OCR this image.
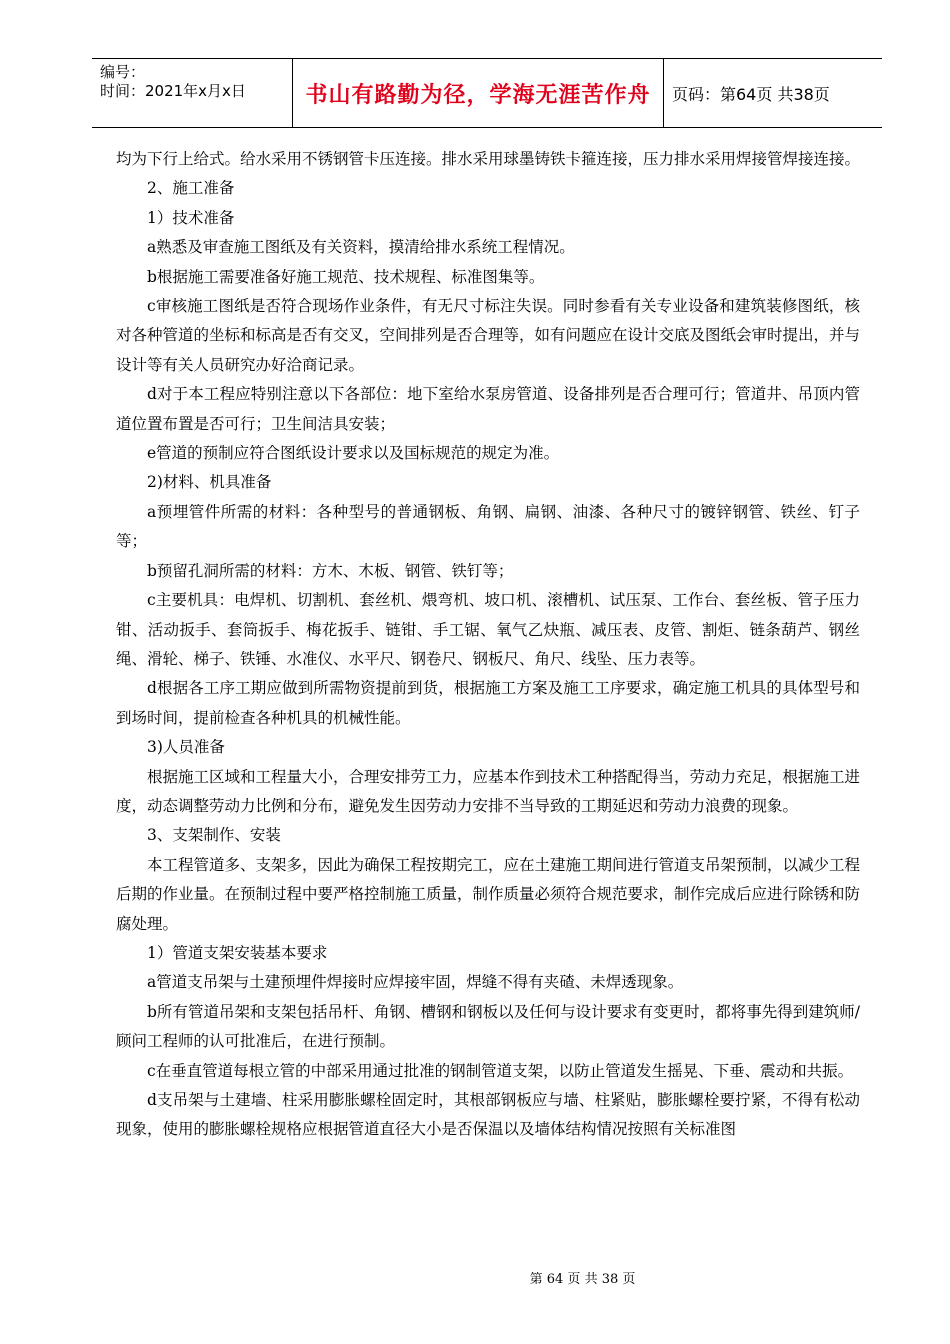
编号：
时间：2021年x月x日	书山有路勤为径，学海无涯苦作舟 页码：第64页 共38页

均为下行上给式。给水采用不锈钢管卡压连接。排水采用球墨铸铁卡箍连接，压力排水采用焊接管焊接连接。

2、施工准备

1）技术准备

a熟悉及审查施工图纸及有关资料，摸清给排水系统工程情况。

b根据施工需要准备好施工规范、技术规程、标准图集等。

c审核施工图纸是否符合现场作业条件，有无尺寸标注失误。同时参看有关专业设备和建筑装修图纸，核对各种管道的坐标和标高是否有交叉，空间排列是否合理等，如有问题应在设计交底及图纸会审时提出，并与设计等有关人员研究办好洽商记录。

d对于本工程应特别注意以下各部位：地下室给水泵房管道、设备排列是否合理可行；管道井、吊顶内管道位置布置是否可行；卫生间洁具安装；

e管道的预制应符合图纸设计要求以及国标规范的规定为准。

2)材料、机具准备

a预埋管件所需的材料：各种型号的普通钢板、角钢、扁钢、油漆、各种尺寸的镀锌钢管、铁丝、钉子等；

b预留孔洞所需的材料：方木、木板、钢管、铁钉等；

c主要机具：电焊机、切割机、套丝机、煨弯机、坡口机、滚槽机、试压泵、工作台、套丝板、管子压力钳、活动扳手、套筒扳手、梅花扳手、链钳、手工锯、氧气乙炔瓶、减压表、皮管、割炬、链条葫芦、钢丝绳、滑轮、梯子、铁锤、水准仪、水平尺、钢卷尺、钢板尺、角尺、线坠、压力表等。

d根据各工序工期应做到所需物资提前到货，根据施工方案及施工工序要求，确定施工机具的具体型号和到场时间，提前检查各种机具的机械性能。

3)人员准备

根据施工区域和工程量大小，合理安排劳工力，应基本作到技术工种搭配得当，劳动力充足，根据施工进度，动态调整劳动力比例和分布，避免发生因劳动力安排不当导致的工期延迟和劳动力浪费的现象。

3、支架制作、安装

本工程管道多、支架多，因此为确保工程按期完工，应在土建施工期间进行管道支吊架预制，以减少工程后期的作业量。在预制过程中要严格控制施工质量，制作质量必须符合规范要求，制作完成后应进行除锈和防腐处理。

1）管道支架安装基本要求

a管道支吊架与土建预埋件焊接时应焊接牢固，焊缝不得有夹碴、未焊透现象。

b所有管道吊架和支架包括吊杆、角钢、槽钢和钢板以及任何与设计要求有变更时，都将事先得到建筑师/顾问工程师的认可批准后，在进行预制。

c在垂直管道每根立管的中部采用通过批准的钢制管道支架，以防止管道发生摇晃、下垂、震动和共振。

d支吊架与土建墙、柱采用膨胀螺栓固定时，其根部钢板应与墙、柱紧贴，膨胀螺栓要拧紧，不得有松动现象，使用的膨胀螺栓规格应根据管道直径大小是否保温以及墙体结构情况按照有关标准图

第 64 页 共 38 页
